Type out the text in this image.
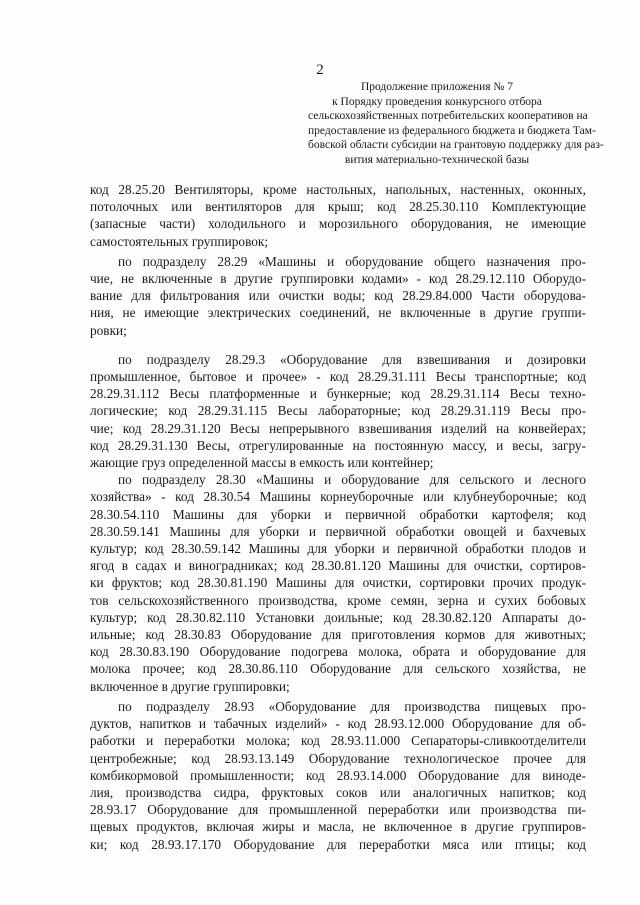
2
Продолжение приложения № 7
к Порядку проведения конкурсного отбора
сельскохозяйственных потребительских кооперативов на
предоставление из федерального бюджета и бюджета Там-
бовской области субсидии на грантовую поддержку для раз-
вития материально-технической базы
код 28.25.20 Вентиляторы, кроме настольных, напольных, настенных, оконных,
потолочных или вентиляторов для крыш; код 28.25.30.110 Комплектующие
(запасные части) холодильного и морозильного оборудования, не имеющие
самостоятельных группировок;
по подразделу 28.29 «Машины и оборудование общего назначения про-
чие, не включенные в другие группировки кодами» - код 28.29.12.110 Оборудо-
вание для фильтрования или очистки воды; код 28.29.84.000 Части оборудова-
ния, не имеющие электрических соединений, не включенные в другие группи-
ровки;
по подразделу 28.29.3 «Оборудование для взвешивания и дозировки
промышленное, бытовое и прочее» - код 28.29.31.111 Весы транспортные; код
28.29.31.112 Весы платформенные и бункерные; код 28.29.31.114 Весы техно-
логические; код 28.29.31.115 Весы лабораторные; код 28.29.31.119 Весы про-
чие; код 28.29.31.120 Весы непрерывного взвешивания изделий на конвейерах;
код 28.29.31.130 Весы, отрегулированные на постоянную массу, и весы, загру-
жающие груз определенной массы в емкость или контейнер;
по подразделу 28.30 «Машины и оборудование для сельского и лесного
хозяйства» - код 28.30.54 Машины корнеуборочные или клубнеуборочные; код
28.30.54.110 Машины для уборки и первичной обработки картофеля; код
28.30.59.141 Машины для уборки и первичной обработки овощей и бахчевых
культур; код 28.30.59.142 Машины для уборки и первичной обработки плодов и
ягод в садах и виноградниках; код 28.30.81.120 Машины для очистки, сортиров-
ки фруктов; код 28.30.81.190 Машины для очистки, сортировки прочих продук-
тов сельскохозяйственного производства, кроме семян, зерна и сухих бобовых
культур; код 28.30.82.110 Установки доильные; код 28.30.82.120 Аппараты до-
ильные; код 28.30.83 Оборудование для приготовления кормов для животных;
код 28.30.83.190 Оборудование подогрева молока, обрата и оборудование для
молока прочее; код 28.30.86.110 Оборудование для сельского хозяйства, не
включенное в другие группировки;
по подразделу 28.93 «Оборудование для производства пищевых про-
дуктов, напитков и табачных изделий» - код 28.93.12.000 Оборудование для об-
работки и переработки молока; код 28.93.11.000 Сепараторы-сливкоотделители
центробежные; код 28.93.13.149 Оборудование технологическое прочее для
комбикормовой промышленности; код 28.93.14.000 Оборудование для виноде-
лия, производства сидра, фруктовых соков или аналогичных напитков; код
28.93.17 Оборудование для промышленной переработки или производства пи-
щевых продуктов, включая жиры и масла, не включенное в другие группиров-
ки; код 28.93.17.170 Оборудование для переработки мяса или птицы; код
